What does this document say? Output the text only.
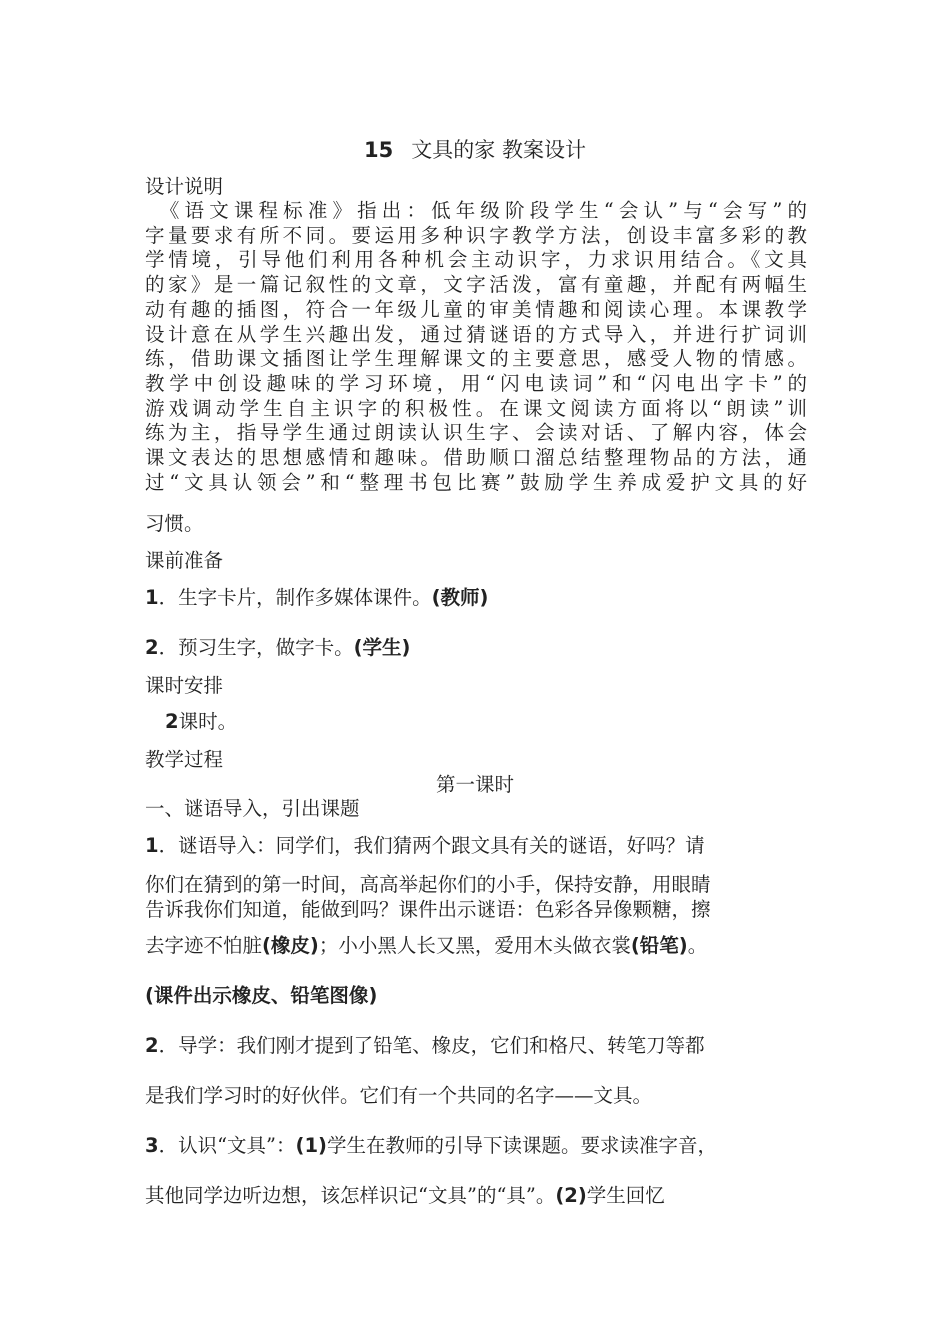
15 文具的家 教案设计
设计说明
　《语文课程标准》指出：低年级阶段学生“会认”与“会写”的
字量要求有所不同。要运用多种识字教学方法，创设丰富多彩的教
学情境，引导他们利用各种机会主动识字，力求识用结合。《文具
的家》是一篇记叙性的文章，文字活泼，富有童趣，并配有两幅生
动有趣的插图，符合一年级儿童的审美情趣和阅读心理。本课教学
设计意在从学生兴趣出发，通过猜谜语的方式导入，并进行扩词训
练，借助课文插图让学生理解课文的主要意思，感受人物的情感。
教学中创设趣味的学习环境，用“闪电读词”和“闪电出字卡”的
游戏调动学生自主识字的积极性。在课文阅读方面将以“朗读”训
练为主，指导学生通过朗读认识生字、会读对话、了解内容，体会
课文表达的思想感情和趣味。借助顺口溜总结整理物品的方法，通
过“文具认领会”和“整理书包比赛”鼓励学生养成爱护文具的好
习惯。
课前准备
1．生字卡片，制作多媒体课件。(教师)
2．预习生字，做字卡。(学生)
课时安排
2课时。
教学过程
第一课时
一、谜语导入，引出课题
1．谜语导入：同学们，我们猜两个跟文具有关的谜语，好吗？请
你们在猜到的第一时间，高高举起你们的小手，保持安静，用眼睛
告诉我你们知道，能做到吗？课件出示谜语：色彩各异像颗糖，擦
去字迹不怕脏(橡皮)；小小黑人长又黑，爱用木头做衣裳(铅笔)。
(课件出示橡皮、铅笔图像)
2．导学：我们刚才提到了铅笔、橡皮，它们和格尺、转笔刀等都
是我们学习时的好伙伴。它们有一个共同的名字——文具。
3．认识“文具”：(1)学生在教师的引导下读课题。要求读准字音，
其他同学边听边想，该怎样识记“文具”的“具”。(2)学生回忆
